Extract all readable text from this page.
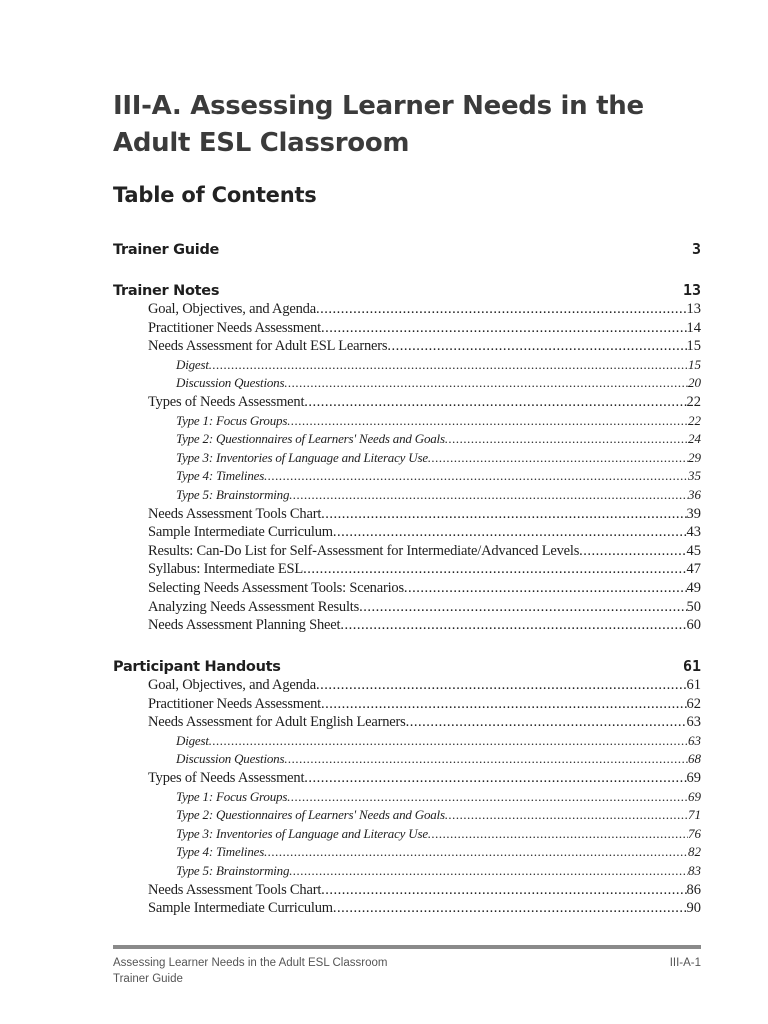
III-A. Assessing Learner Needs in the
Adult ESL Classroom
Table of Contents
Trainer Guide	3
Trainer Notes	13
Goal, Objectives, and Agenda .....	13
Practitioner Needs Assessment .....	14
Needs Assessment for Adult ESL Learners .....	15
Digest .....	15
Discussion Questions .....	20
Types of Needs Assessment .....	22
Type 1: Focus Groups .....	22
Type 2: Questionnaires of Learners' Needs and Goals .....	24
Type 3: Inventories of Language and Literacy Use .....	29
Type 4: Timelines .....	35
Type 5: Brainstorming .....	36
Needs Assessment Tools Chart .....	39
Sample Intermediate Curriculum .....	43
Results: Can-Do List for Self-Assessment for Intermediate/Advanced Levels .....	45
Syllabus: Intermediate ESL .....	47
Selecting Needs Assessment Tools: Scenarios .....	49
Analyzing Needs Assessment Results .....	50
Needs Assessment Planning Sheet .....	60
Participant Handouts	61
Goal, Objectives, and Agenda .....	61
Practitioner Needs Assessment .....	62
Needs Assessment for Adult English Learners .....	63
Digest .....	63
Discussion Questions .....	68
Types of Needs Assessment .....	69
Type 1: Focus Groups .....	69
Type 2: Questionnaires of Learners' Needs and Goals .....	71
Type 3: Inventories of Language and Literacy Use .....	76
Type 4: Timelines .....	82
Type 5: Brainstorming .....	83
Needs Assessment Tools Chart .....	86
Sample Intermediate Curriculum .....	90
Assessing Learner Needs in the Adult ESL Classroom
Trainer Guide
III-A-1
